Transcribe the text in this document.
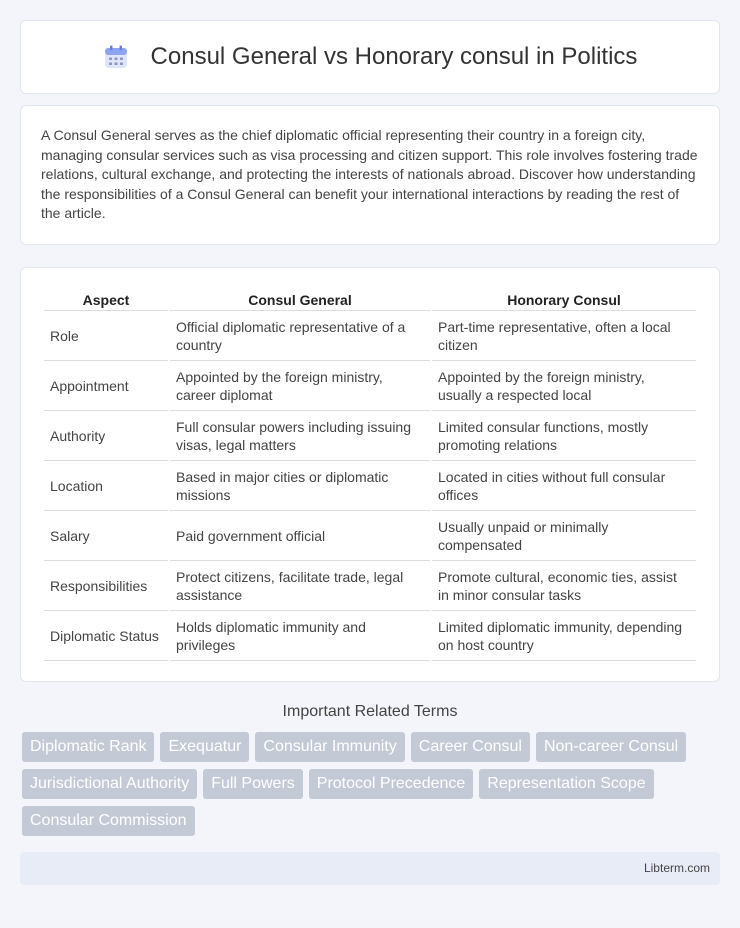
Consul General vs Honorary consul in Politics

A Consul General serves as the chief diplomatic official representing their country in a foreign city, managing consular services such as visa processing and citizen support. This role involves fostering trade relations, cultural exchange, and protecting the interests of nationals abroad. Discover how understanding the responsibilities of a Consul General can benefit your international interactions by reading the rest of the article.

Aspect	Consul General	Honorary Consul
Role	Official diplomatic representative of a country	Part-time representative, often a local citizen
Appointment	Appointed by the foreign ministry, career diplomat	Appointed by the foreign ministry, usually a respected local
Authority	Full consular powers including issuing visas, legal matters	Limited consular functions, mostly promoting relations
Location	Based in major cities or diplomatic missions	Located in cities without full consular offices
Salary	Paid government official	Usually unpaid or minimally compensated
Responsibilities	Protect citizens, facilitate trade, legal assistance	Promote cultural, economic ties, assist in minor consular tasks
Diplomatic Status	Holds diplomatic immunity and privileges	Limited diplomatic immunity, depending on host country
Important Related Terms
Diplomatic Rank	Exequatur	Consular Immunity	Career Consul	Non-career Consul
Jurisdictional Authority	Full Powers	Protocol Precedence	Representation Scope
Consular Commission
Libterm.com
